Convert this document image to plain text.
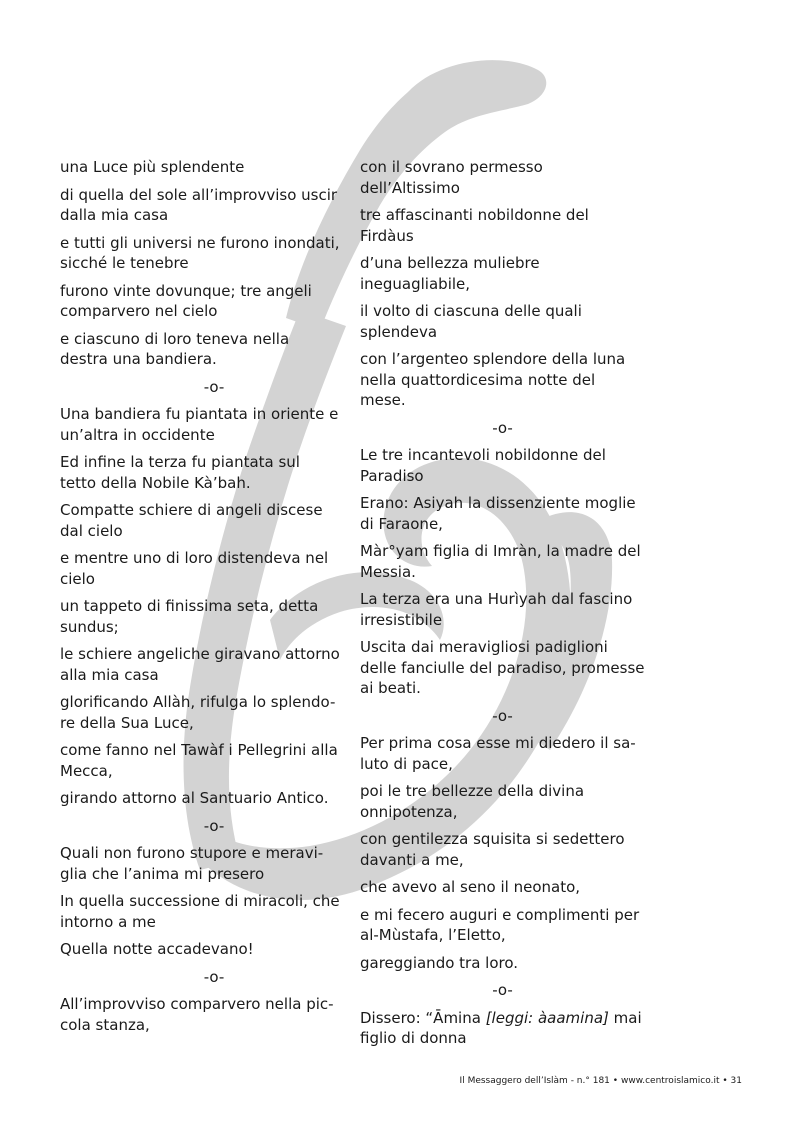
una Luce più splendente

di quella del sole all’improvviso uscir dalla mia casa

e tutti gli universi ne furono inondati, sicché le tenebre

furono vinte dovunque; tre angeli comparvero nel cielo

e ciascuno di loro teneva nella destra una bandiera.

-o-

Una bandiera fu piantata in oriente e un’altra in occidente

Ed infine la terza fu piantata sul tetto della Nobile Kà’bah.

Compatte schiere di angeli discese dal cielo

e mentre uno di loro distendeva nel cielo

un tappeto di finissima seta, detta sundus;

le schiere angeliche giravano attorno alla mia casa

glorificando Allàh, rifulga lo splendo-re della Sua Luce,

come fanno nel Tawàf i Pellegrini alla Mecca,

girando attorno al Santuario Antico.

-o-

Quali non furono stupore e meravi-glia che l’anima mi presero

In quella successione di miracoli, che intorno a me

Quella notte accadevano!

-o-

All’improvviso comparvero nella pic-cola stanza,

con il sovrano permesso dell’Altissimo

tre affascinanti nobildonne del Firdàus

d’una bellezza muliebre ineguagliabile,

il volto di ciascuna delle quali splendeva

con l’argenteo splendore della luna nella quattordicesima notte del mese.

-o-

Le tre incantevoli nobildonne del Paradiso

Erano: Asiyah la dissenziente moglie di Faraone,

Màr°yam figlia di Imràn, la madre del Messia.

La terza era una Hurìyah dal fascino irresistibile

Uscita dai meravigliosi padiglioni delle fanciulle del paradiso, promesse ai beati.

-o-

Per prima cosa esse mi diedero il sa-luto di pace,

poi le tre bellezze della divina onnipotenza,

con gentilezza squisita si sedettero davanti a me,

che avevo al seno il neonato,

e mi fecero auguri e complimenti per al-Mùstafa, l’Eletto,

gareggiando tra loro.

-o-

Dissero: “Āmina [leggi: àaamina] mai figlio di donna

Il Messaggero dell’Islàm - n.° 181 • www.centroislamico.it • 31
